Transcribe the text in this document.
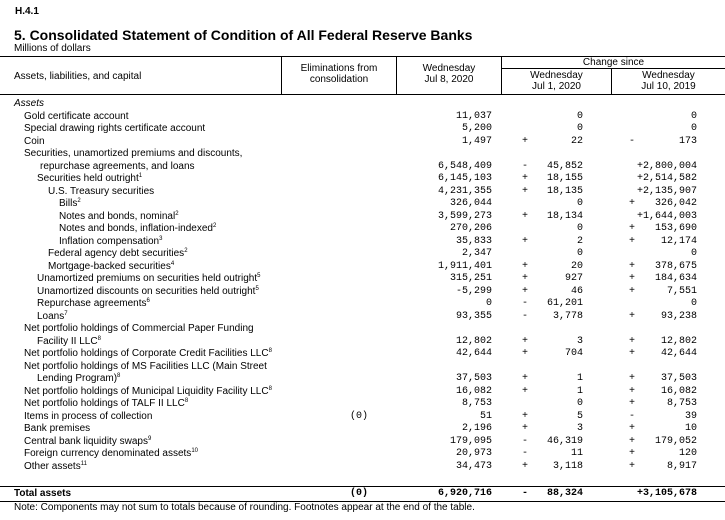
H.4.1
5. Consolidated Statement of Condition of All Federal Reserve Banks
Millions of dollars
Assets, liabilities, and capital
Eliminations from
consolidation
Wednesday
Jul 8, 2020
Change since
Wednesday
Jul 1, 2020
Wednesday
Jul 10, 2019
Assets
Gold certificate account	11,037	0	0
Special drawing rights certificate account	5,200	0	0
Coin	1,497	+	22	-	173
Securities, unamortized premiums and discounts,
repurchase agreements, and loans	6,548,409	-	45,852	+2,800,004
Securities held outright$^1$	6,145,103	+	18,155	+2,514,582
U.S. Treasury securities	4,231,355	+	18,135	+2,135,907
Bills$^2$	326,044	0	+	326,042
Notes and bonds, nominal$^2$	3,599,273	+	18,134	+1,644,003
Notes and bonds, inflation-indexed$^2$	270,206	0	+	153,690
Inflation compensation$^3$	35,833	+	2	+	12,174
Federal agency debt securities$^2$	2,347	0	0
Mortgage-backed securities$^4$	1,911,401	+	20	+	378,675
Unamortized premiums on securities held outright$^5$	315,251	+	927	+	184,634
Unamortized discounts on securities held outright$^5$	-5,299	+	46	+	7,551
Repurchase agreements$^6$	0	-	61,201	0
Loans$^7$	93,355	-	3,778	+	93,238
Net portfolio holdings of Commercial Paper Funding
Facility II LLC$^8$	12,802	+	3	+	12,802
Net portfolio holdings of Corporate Credit Facilities LLC$^8$	42,644	+	704	+	42,644
Net portfolio holdings of MS Facilities LLC (Main Street
Lending Program)$^8$	37,503	+	1	+	37,503
Net portfolio holdings of Municipal Liquidity Facility LLC$^8$	16,082	+	1	+	16,082
Net portfolio holdings of TALF II LLC$^8$	8,753	0	+	8,753
Items in process of collection	(0)	51	+	5	-	39
Bank premises	2,196	+	3	+	10
Central bank liquidity swaps$^9$	179,095	-	46,319	+	179,052
Foreign currency denominated assets$^{10}$	20,973	-	11	+	120
Other assets$^{11}$	34,473	+	3,118	+	8,917
Total assets	(0)	6,920,716	-	88,324	+3,105,678
Note: Components may not sum to totals because of rounding. Footnotes appear at the end of the table.
